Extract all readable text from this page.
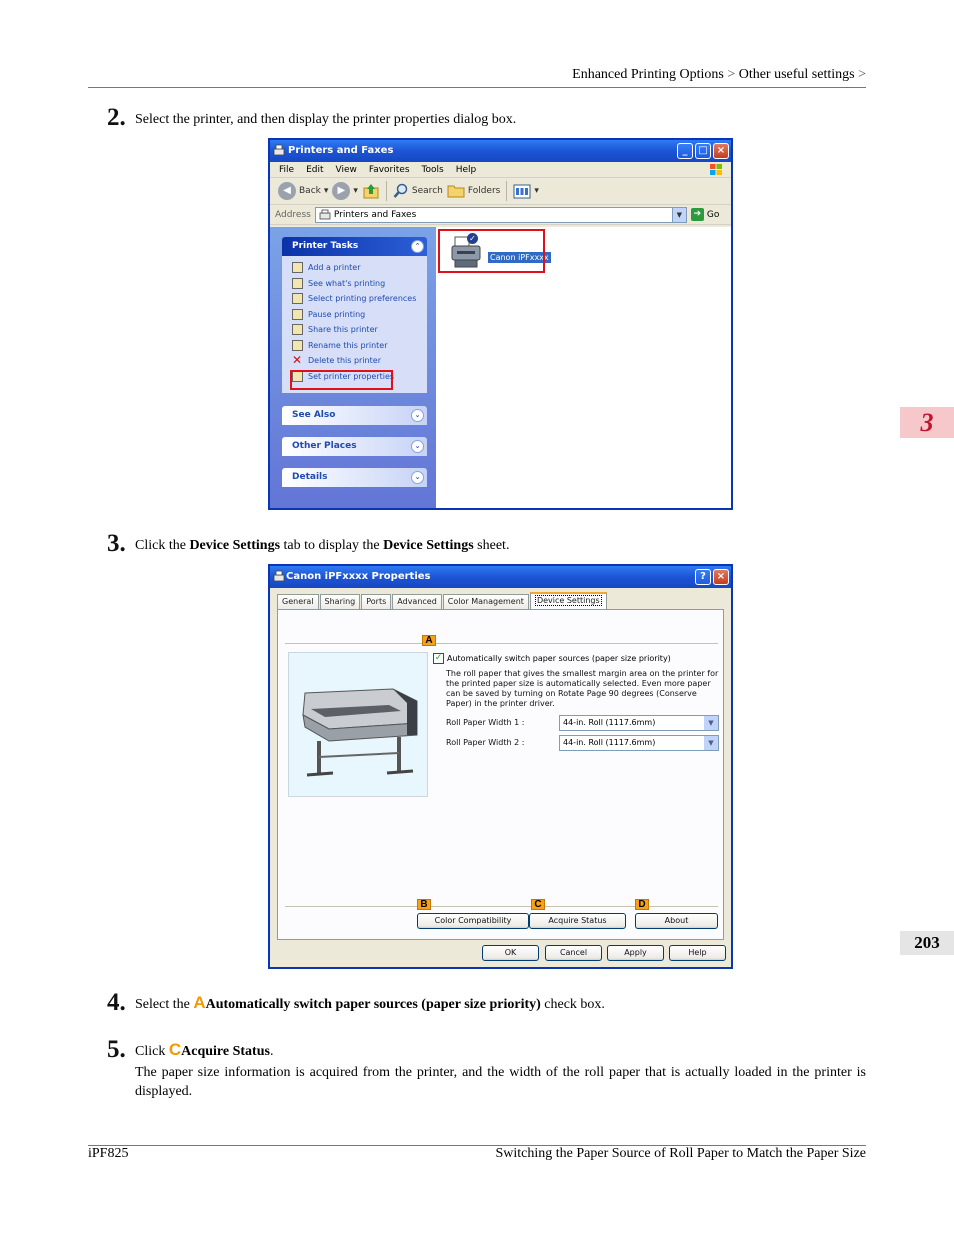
Enhanced Printing Options > Other useful settings >
3
203
2. Select the printer, and then display the printer properties dialog box.
Printers and Faxes	_	□ ×
File Edit View Favorites Tools Help
◀ Back ▾ ▶ ▾	Search	Folders	▾
Address	Printers and Faxes	▼	➔ Go
Printer Tasks	⌃
Add a printer
See what's printing
Select printing preferences
Pause printing
Share this printer
Rename this printer
✕ Delete this printer
Set printer properties
See Also	⌄
Other Places	⌄
Details	⌄
✓
Canon iPFxxxx
3. Click the Device Settings tab to display the Device Settings sheet.
Canon iPFxxxx Properties	?	×
General	Sharing	Ports	Advanced	Color Management	Device Settings
A
✓ Automatically switch paper sources (paper size priority)
The roll paper that gives the smallest margin area on the printer for the printed paper size is automatically selected. Even more paper can be saved by turning on Rotate Page 90 degrees (Conserve Paper) in the printer driver.
Roll Paper Width 1 :	44-in. Roll (1117.6mm)	▼
Roll Paper Width 2 :	44-in. Roll (1117.6mm)	▼
B	C	D
Color Compatibility	Acquire Status	About
OK	Cancel	Apply	Help
4. Select the AAutomatically switch paper sources (paper size priority) check box.
5. Click CAcquire Status.
The paper size information is acquired from the printer, and the width of the roll paper that is actually loaded in the printer is displayed.
iPF825	Switching the Paper Source of Roll Paper to Match the Paper Size
